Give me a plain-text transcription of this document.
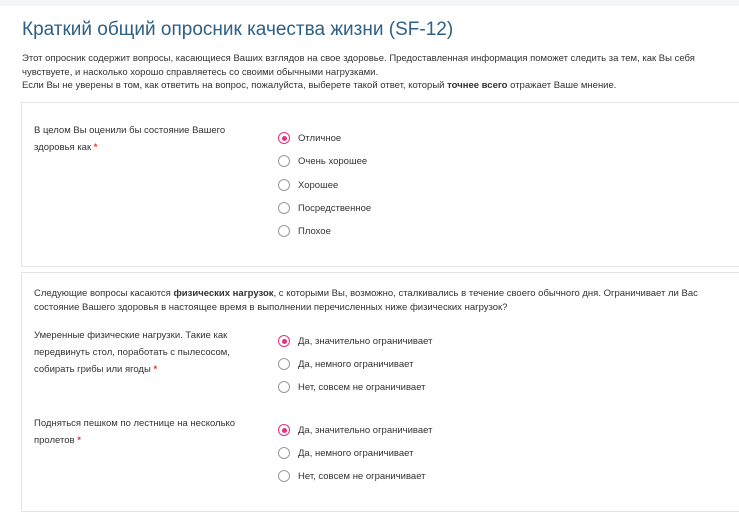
Краткий общий опросник качества жизни (SF-12)

Этот опросник содержит вопросы, касающиеся Ваших взглядов на свое здоровье. Предоставленная информация поможет следить за тем, как Вы себя чувствуете, и насколько хорошо справляетесь со своими обычными нагрузками.

Если Вы не уверены в том, как ответить на вопрос, пожалуйста, выберете такой ответ, который точнее всего отражает Ваше мнение.

В целом Вы оценили бы состояние Вашего здоровья как *
Отличное
Очень хорошее
Хорошее
Посредственное
Плохое
Следующие вопросы касаются физических нагрузок, с которыми Вы, возможно, сталкивались в течение своего обычного дня. Ограничивает ли Вас состояние Вашего здоровья в настоящее время в выполнении перечисленных ниже физических нагрузок?
Умеренные физические нагрузки. Такие как передвинуть стол, поработать с пылесосом, собирать грибы или ягоды *
Да, значительно ограничивает
Да, немного ограничивает
Нет, совсем не ограничивает
Подняться пешком по лестнице на несколько пролетов *
Да, значительно ограничивает
Да, немного ограничивает
Нет, совсем не ограничивает
